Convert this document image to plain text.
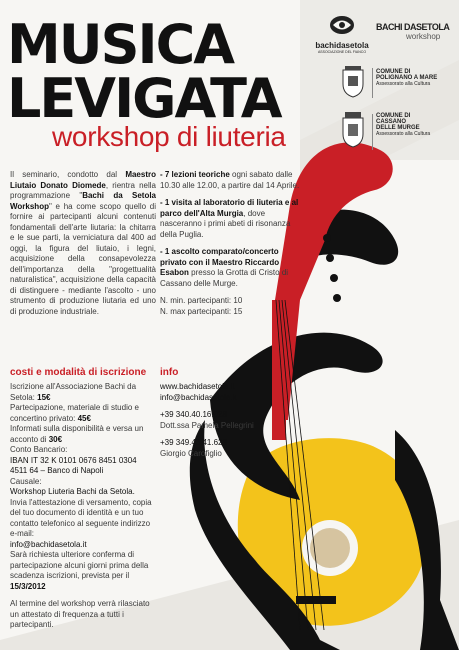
MUSICA
LEVIGATA
workshop di liuteria
bachidasetola
ASSOCIAZIONE DEL FIANCO
BACHI DASETOLA
workshop
COMUNE DI
POLIGNANO A MARE
Assessorato alla Cultura
COMUNE DI
CASSANO
DELLE MURGE
Assessorato alla Cultura
Il seminario, condotto dal Maestro Liutaio Donato Diomede, rientra nella programmazione "Bachi da Setola Workshop" e ha come scopo quello di fornire ai partecipanti alcuni contenuti fondamentali dell'arte liutaria: la chitarra e le sue parti, la verniciatura dal 400 ad oggi, la figura del liutaio, i legni, acquisizione della consapevolezza dell'importanza della "progettualità naturalistica", acquisizione della capacità di distinguere - mediante l'ascolto - uno strumento di produzione liutaria ed uno di produzione industriale.

- 7 lezioni teoriche ogni sabato dalle 10.30 alle 12.00, a partire dal 14 Aprile.

- 1 visita al laboratorio di liuteria e al parco dell'Alta Murgia, dove nasceranno i primi abeti di risonanza della Puglia.

- 1 ascolto comparato/concerto privato con il Maestro Riccardo Esabon presso la Grotta di Cristo di Cassano delle Murge.

N. min. partecipanti: 10
N. max partecipanti: 15
costi e modalità di iscrizione info
Iscrizione all'Associazione Bachi da Setola: 15€
Partecipazione, materiale di studio e concertino privato: 45€
Informati sulla disponibilità e versa un acconto di 30€
Conto Bancario:
IBAN IT 32 K 0101 0676 8451 0304 4511 64 – Banco di Napoli
Causale:
Workshop Liuteria Bachi da Setola.
Invia l'attestazione di versamento, copia del tuo documento di identità e un tuo contatto telefonico al seguente indirizzo e-mail:
info@bachidasetola.it
Sarà richiesta ulteriore conferma di partecipazione alcuni giorni prima della scadenza iscrizioni, prevista per il 15/3/2012
Al termine del workshop verrà rilasciato un attestato di frequenza a tutti i partecipanti.
www.bachidasetola.it
info@bachidasetola.it
+39 340.40.16.028
Dott.ssa Pamela Pellegrini
+39 349.43.41.628
Giorgio Carofiglio
